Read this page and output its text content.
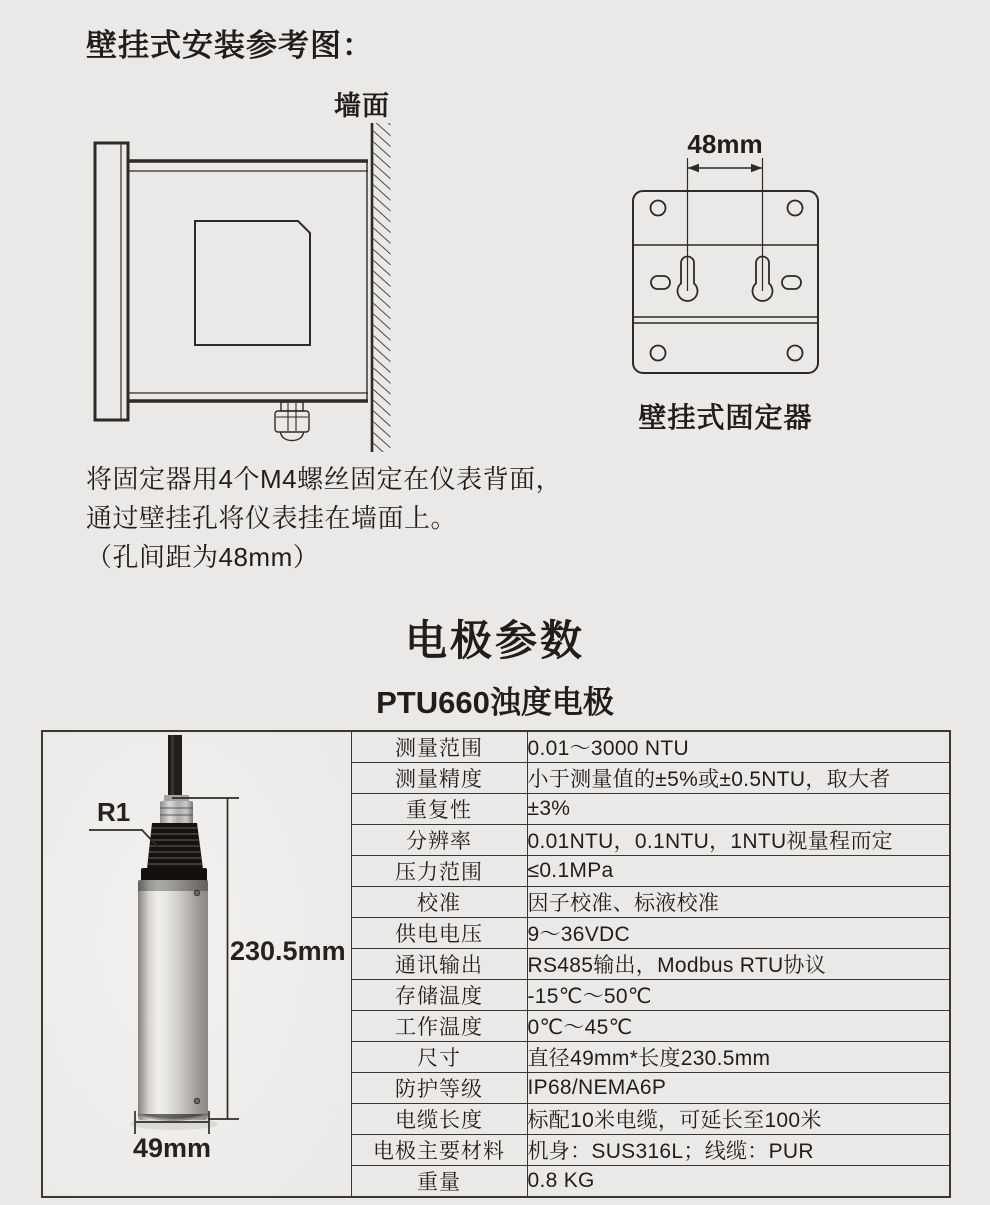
壁挂式安装参考图：
墙面
48mm
壁挂式固定器
将固定器用4个M4螺丝固定在仪表背面，
通过壁挂孔将仪表挂在墙面上。
（孔间距为48mm）
电极参数
PTU660浊度电极
R1
230.5mm
49mm	测量范围	0.01～3000 NTU
	测量精度	小于测量值的±5%或±0.5NTU，取大者
	重复性	±3%
	分辨率	0.01NTU，0.1NTU，1NTU视量程而定
	压力范围	≤0.1MPa
	校准	因子校准、标液校准
	供电电压	9～36VDC
	通讯输出	RS485输出，Modbus RTU协议
	存储温度	-15℃～50℃
	工作温度	0℃～45℃
	尺寸	直径49mm*长度230.5mm
	防护等级	IP68/NEMA6P
	电缆长度	标配10米电缆，可延长至100米
	电极主要材料	机身：SUS316L；线缆：PUR
	重量	0.8 KG
